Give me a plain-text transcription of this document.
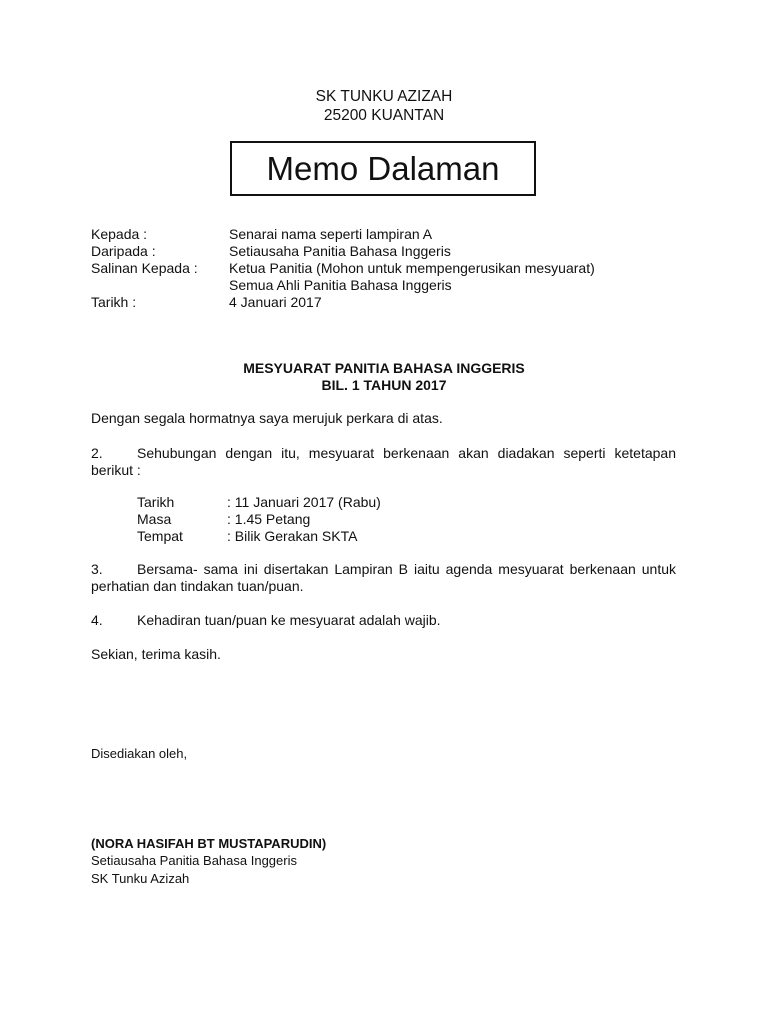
SK TUNKU AZIZAH
25200 KUANTAN
Memo Dalaman
Kepada :	Senarai nama seperti lampiran A
Daripada :	Setiausaha Panitia Bahasa Inggeris
Salinan Kepada : Ketua Panitia (Mohon untuk mempengerusikan mesyuarat)
Semua Ahli Panitia Bahasa Inggeris
Tarikh :	4 Januari 2017
MESYUARAT PANITIA BAHASA INGGERIS
BIL. 1 TAHUN 2017
Dengan segala hormatnya saya merujuk perkara di atas.
2. Sehubungan dengan itu, mesyuarat berkenaan akan diadakan seperti ketetapan berikut :
Tarikh	: 11 Januari 2017 (Rabu)
Masa	: 1.45 Petang
Tempat	: Bilik Gerakan SKTA
3. Bersama- sama ini disertakan Lampiran B iaitu agenda mesyuarat berkenaan untuk perhatian dan tindakan tuan/puan.
4. Kehadiran tuan/puan ke mesyuarat adalah wajib.
Sekian, terima kasih.
Disediakan oleh,
(NORA HASIFAH BT MUSTAPARUDIN)
Setiausaha Panitia Bahasa Inggeris
SK Tunku Azizah
